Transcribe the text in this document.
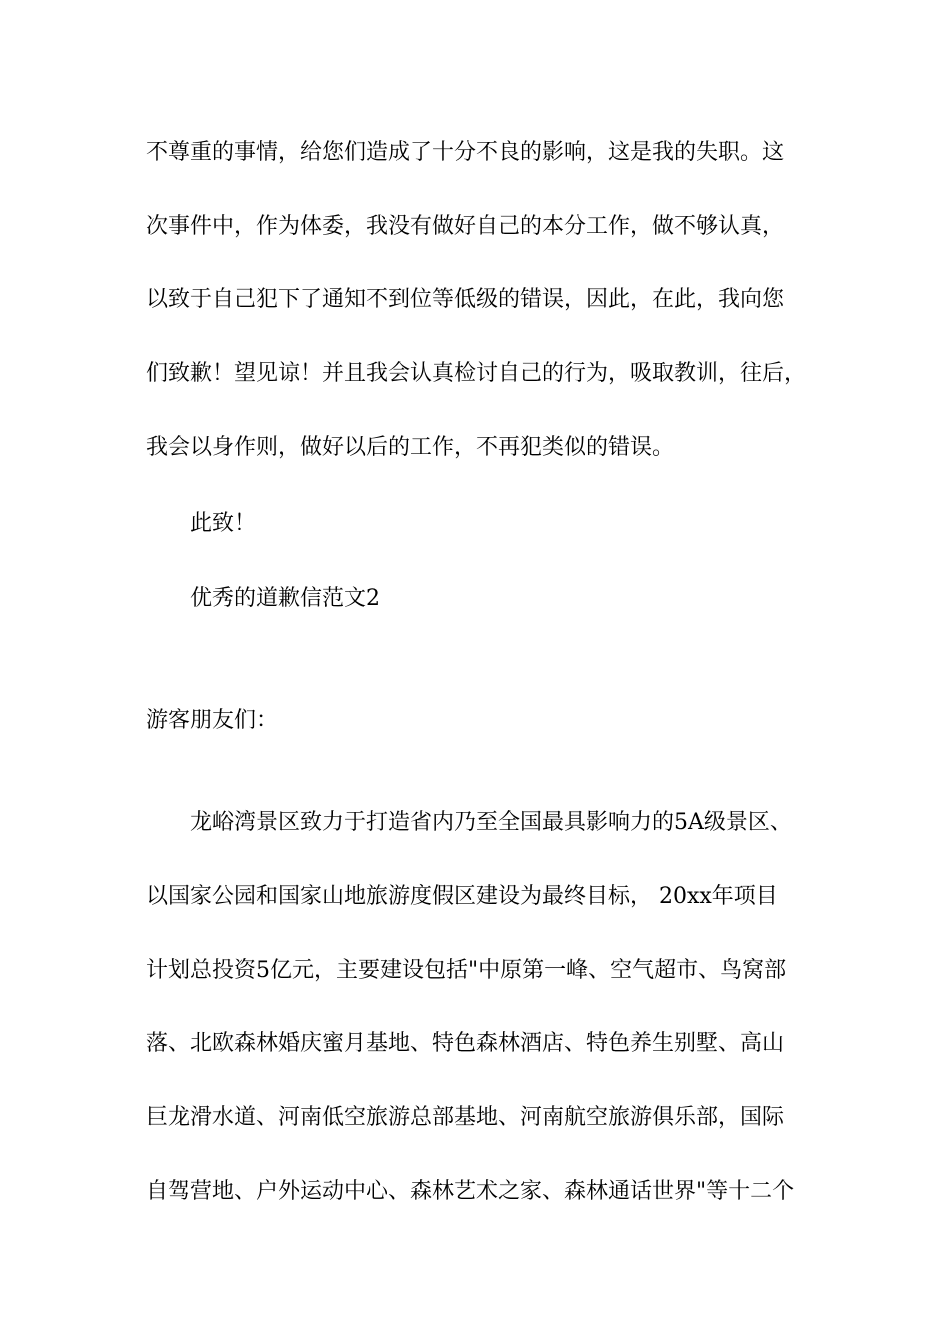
不尊重的事情，给您们造成了十分不良的影响，这是我的失职。这
次事件中，作为体委，我没有做好自己的本分工作，做不够认真，
以致于自己犯下了通知不到位等低级的错误，因此，在此，我向您
们致歉！望见谅！并且我会认真检讨自己的行为，吸取教训，往后，
我会以身作则，做好以后的工作，不再犯类似的错误。
此致！
优秀的道歉信范文2
游客朋友们：
龙峪湾景区致力于打造省内乃至全国最具影响力的5A级景区、
以国家公园和国家山地旅游度假区建设为最终目标， 20xx年项目
计划总投资5亿元，主要建设包括"中原第一峰、空气超市、鸟窝部
落、北欧森林婚庆蜜月基地、特色森林酒店、特色养生别墅、高山
巨龙滑水道、河南低空旅游总部基地、河南航空旅游俱乐部，国际
自驾营地、户外运动中心、森林艺术之家、森林通话世界"等十二个
